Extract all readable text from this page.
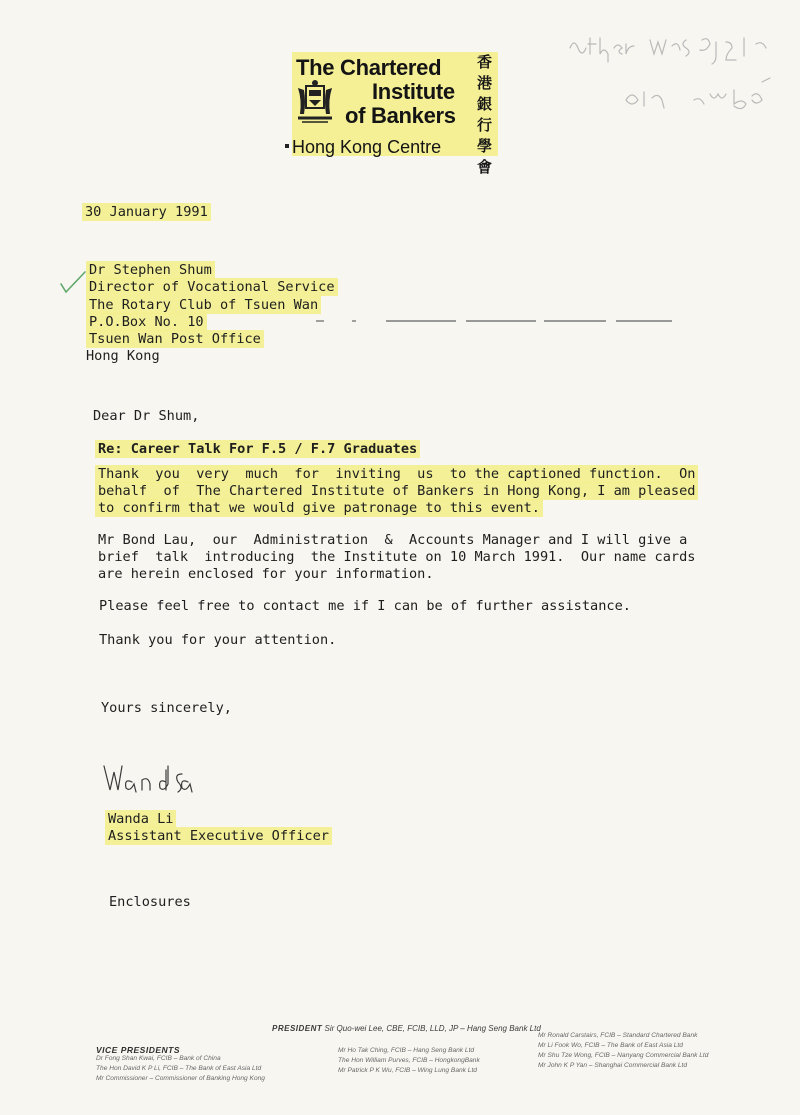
The Chartered
Institute
of Bankers
Hong Kong Centre
香
港
銀
行
學
會
30 January 1991
Dr Stephen Shum
Director of Vocational Service
The Rotary Club of Tsuen Wan
P.O.Box No. 10
Tsuen Wan Post Office
Hong Kong
Dear Dr Shum,
Re: Career Talk For F.5 / F.7 Graduates
Thank  you  very  much  for  inviting  us  to the captioned function.  On
behalf  of  The Chartered Institute of Bankers in Hong Kong, I am pleased
to confirm that we would give patronage to this event.
Mr Bond Lau,  our  Administration  &  Accounts Manager and I will give a
brief  talk  introducing  the Institute on 10 March 1991.  Our name cards
are herein enclosed for your information.
Please feel free to contact me if I can be of further assistance.
Thank you for your attention.
Yours sincerely,
Wanda Li
Assistant Executive Officer
Enclosures
PRESIDENT Sir Quo-wei Lee, CBE, FCIB, LLD, JP – Hang Seng Bank Ltd
VICE PRESIDENTS
Dr Fong Shan Kwai, FCIB – Bank of China
The Hon David K P Li, FCIB – The Bank of East Asia Ltd
Mr Commissioner – Commissioner of Banking Hong Kong
Mr Ho Tak Ching, FCIB – Hang Seng Bank Ltd
The Hon William Purves, FCIB – HongkongBank
Mr Patrick P K Wu, FCIB – Wing Lung Bank Ltd
Mr Ronald Carstairs, FCIB – Standard Chartered Bank
Mr Li Fook Wo, FCIB – The Bank of East Asia Ltd
Mr Shu Tze Wong, FCIB – Nanyang Commercial Bank Ltd
Mr John K P Yan – Shanghai Commercial Bank Ltd
